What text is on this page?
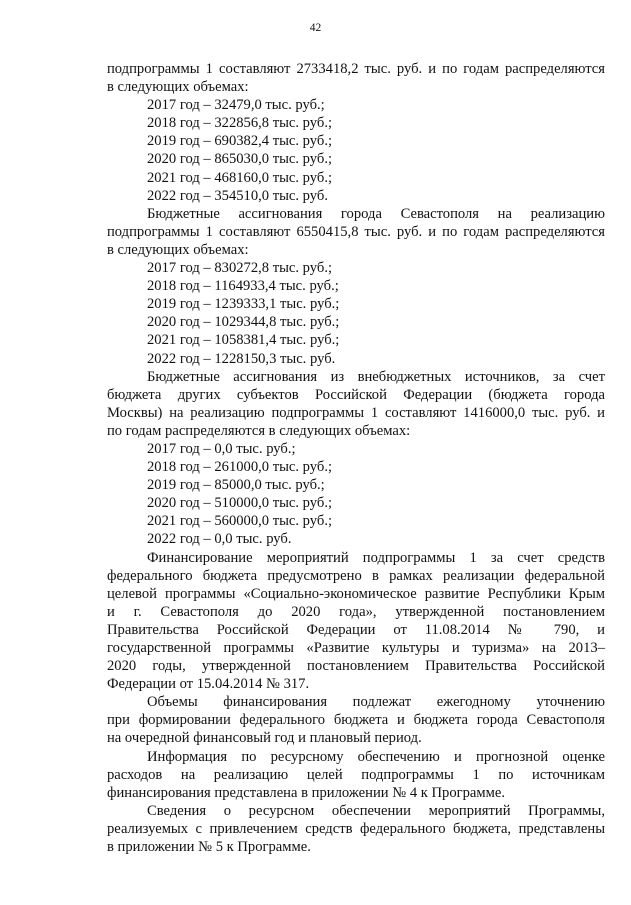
42
подпрограммы 1 составляют 2733418,2 тыс. руб. и по годам распределяются
в следующих объемах:
2017 год – 32479,0 тыс. руб.;
2018 год – 322856,8 тыс. руб.;
2019 год – 690382,4 тыс. руб.;
2020 год – 865030,0 тыс. руб.;
2021 год – 468160,0 тыс. руб.;
2022 год – 354510,0 тыс. руб.
Бюджетные ассигнования города Севастополя на реализацию
подпрограммы 1 составляют 6550415,8 тыс. руб. и по годам распределяются
в следующих объемах:
2017 год – 830272,8 тыс. руб.;
2018 год – 1164933,4 тыс. руб.;
2019 год – 1239333,1 тыс. руб.;
2020 год – 1029344,8 тыс. руб.;
2021 год – 1058381,4 тыс. руб.;
2022 год – 1228150,3 тыс. руб.
Бюджетные ассигнования из внебюджетных источников, за счет
бюджета других субъектов Российской Федерации (бюджета города
Москвы) на реализацию подпрограммы 1 составляют 1416000,0 тыс. руб. и
по годам распределяются в следующих объемах:
2017 год – 0,0 тыс. руб.;
2018 год – 261000,0 тыс. руб.;
2019 год – 85000,0 тыс. руб.;
2020 год – 510000,0 тыс. руб.;
2021 год – 560000,0 тыс. руб.;
2022 год – 0,0 тыс. руб.
Финансирование мероприятий подпрограммы 1 за счет средств
федерального бюджета предусмотрено в рамках реализации федеральной
целевой программы «Социально-экономическое развитие Республики Крым
и г. Севастополя до 2020 года», утвержденной постановлением
Правительства Российской Федерации от 11.08.2014 № 790, и
государственной программы «Развитие культуры и туризма» на 2013–
2020 годы, утвержденной постановлением Правительства Российской
Федерации от 15.04.2014 № 317.
Объемы финансирования подлежат ежегодному уточнению
при формировании федерального бюджета и бюджета города Севастополя
на очередной финансовый год и плановый период.
Информация по ресурсному обеспечению и прогнозной оценке
расходов на реализацию целей подпрограммы 1 по источникам
финансирования представлена в приложении № 4 к Программе.
Сведения о ресурсном обеспечении мероприятий Программы,
реализуемых с привлечением средств федерального бюджета, представлены
в приложении № 5 к Программе.
